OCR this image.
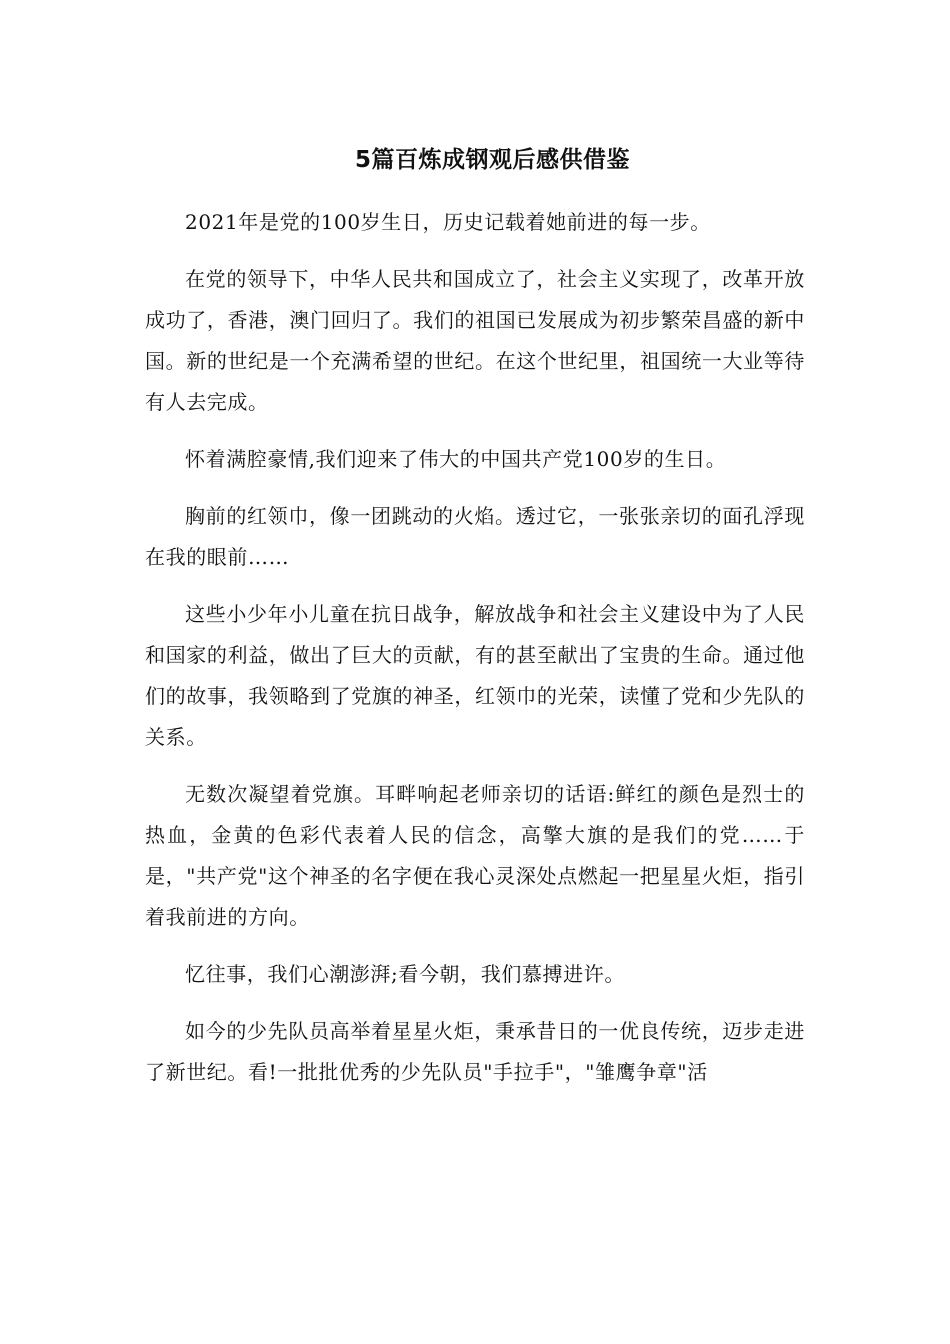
5篇百炼成钢观后感供借鉴

2021年是党的100岁生日，历史记载着她前进的每一步。

在党的领导下，中华人民共和国成立了，社会主义实现了，改革开放成功了，香港，澳门回归了。我们的祖国已发展成为初步繁荣昌盛的新中国。新的世纪是一个充满希望的世纪。在这个世纪里，祖国统一大业等待有人去完成。

怀着满腔豪情,我们迎来了伟大的中国共产党100岁的生日。

胸前的红领巾，像一团跳动的火焰。透过它，一张张亲切的面孔浮现在我的眼前……

这些小少年小儿童在抗日战争，解放战争和社会主义建设中为了人民和国家的利益，做出了巨大的贡献，有的甚至献出了宝贵的生命。通过他们的故事，我领略到了党旗的神圣，红领巾的光荣，读懂了党和少先队的关系。

无数次凝望着党旗。耳畔响起老师亲切的话语:鲜红的颜色是烈士的热血，金黄的色彩代表着人民的信念，高擎大旗的是我们的党……于是，"共产党"这个神圣的名字便在我心灵深处点燃起一把星星火炬，指引着我前进的方向。

忆往事，我们心潮澎湃;看今朝，我们慕搏进许。

如今的少先队员高举着星星火炬，秉承昔日的一优良传统，迈步走进了新世纪。看!一批批优秀的少先队员"手拉手"，"雏鹰争章"活
